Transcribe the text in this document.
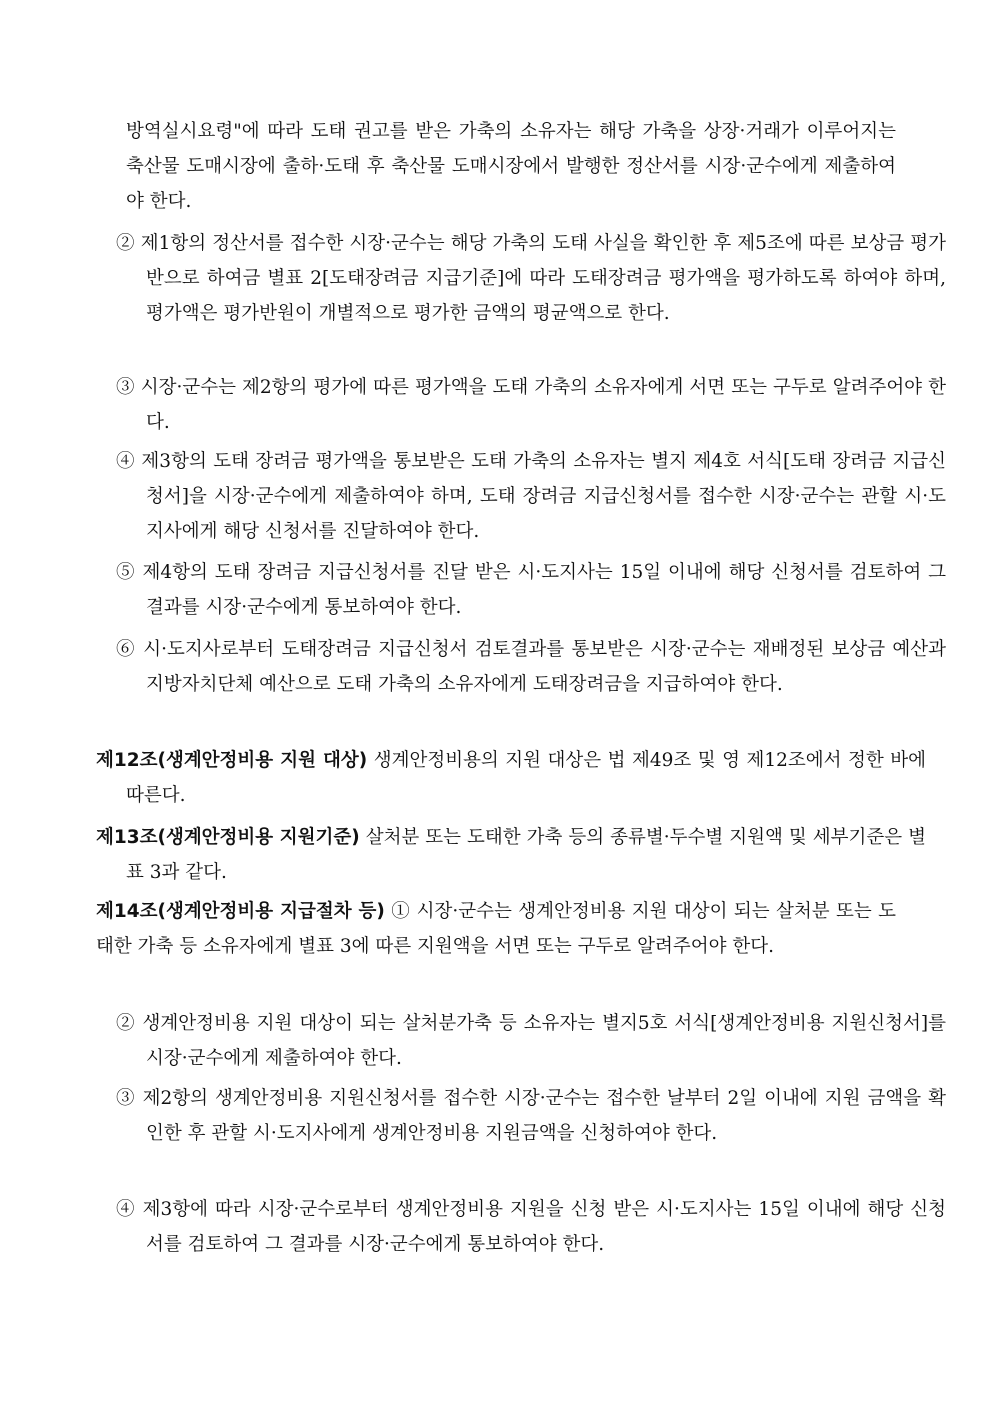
방역실시요령"에 따라 도태 권고를 받은 가축의 소유자는 해당 가축을 상장·거래가 이루어지는 축산물 도매시장에 출하·도태 후 축산물 도매시장에서 발행한 정산서를 시장·군수에게 제출하여야 한다.
② 제1항의 정산서를 접수한 시장·군수는 해당 가축의 도태 사실을 확인한 후 제5조에 따른 보상금 평가반으로 하여금 별표 2[도태장려금 지급기준]에 따라 도태장려금 평가액을 평가하도록 하여야 하며, 평가액은 평가반원이 개별적으로 평가한 금액의 평균액으로 한다.
③ 시장·군수는 제2항의 평가에 따른 평가액을 도태 가축의 소유자에게 서면 또는 구두로 알려주어야 한다.
④ 제3항의 도태 장려금 평가액을 통보받은 도태 가축의 소유자는 별지 제4호 서식[도태 장려금 지급신청서]을 시장·군수에게 제출하여야 하며, 도태 장려금 지급신청서를 접수한 시장·군수는 관할 시·도지사에게 해당 신청서를 진달하여야 한다.
⑤ 제4항의 도태 장려금 지급신청서를 진달 받은 시·도지사는 15일 이내에 해당 신청서를 검토하여 그 결과를 시장·군수에게 통보하여야 한다.
⑥ 시·도지사로부터 도태장려금 지급신청서 검토결과를 통보받은 시장·군수는 재배정된 보상금 예산과 지방자치단체 예산으로 도태 가축의 소유자에게 도태장려금을 지급하여야 한다.
제12조(생계안정비용 지원 대상) 생계안정비용의 지원 대상은 법 제49조 및 영 제12조에서 정한 바에 따른다.
제13조(생계안정비용 지원기준) 살처분 또는 도태한 가축 등의 종류별·두수별 지원액 및 세부기준은 별표 3과 같다.
제14조(생계안정비용 지급절차 등) ① 시장·군수는 생계안정비용 지원 대상이 되는 살처분 또는 도태한 가축 등 소유자에게 별표 3에 따른 지원액을 서면 또는 구두로 알려주어야 한다.
② 생계안정비용 지원 대상이 되는 살처분가축 등 소유자는 별지5호 서식[생계안정비용 지원신청서]를 시장·군수에게 제출하여야 한다.
③ 제2항의 생계안정비용 지원신청서를 접수한 시장·군수는 접수한 날부터 2일 이내에 지원 금액을 확인한 후 관할 시·도지사에게 생계안정비용 지원금액을 신청하여야 한다.
④ 제3항에 따라 시장·군수로부터 생계안정비용 지원을 신청 받은 시·도지사는 15일 이내에 해당 신청서를 검토하여 그 결과를 시장·군수에게 통보하여야 한다.
